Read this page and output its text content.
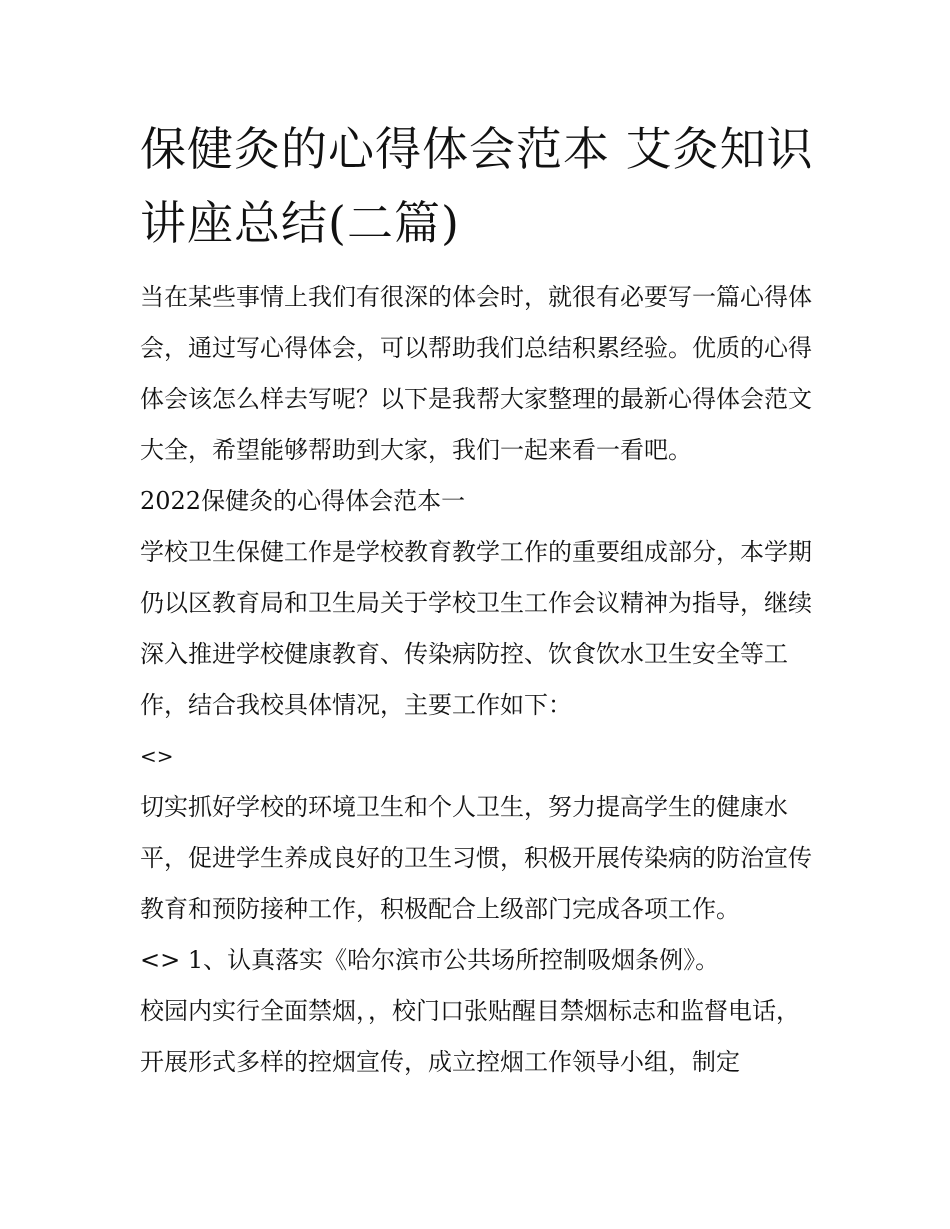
保健灸的心得体会范本 艾灸知识讲座总结(二篇)

当在某些事情上我们有很深的体会时，就很有必要写一篇心得体会，通过写心得体会，可以帮助我们总结积累经验。优质的心得体会该怎么样去写呢？以下是我帮大家整理的最新心得体会范文大全，希望能够帮助到大家，我们一起来看一看吧。

2022保健灸的心得体会范本一

学校卫生保健工作是学校教育教学工作的重要组成部分，本学期仍以区教育局和卫生局关于学校卫生工作会议精神为指导，继续深入推进学校健康教育、传染病防控、饮食饮水卫生安全等工作，结合我校具体情况，主要工作如下：

<>

切实抓好学校的环境卫生和个人卫生，努力提高学生的健康水平，促进学生养成良好的卫生习惯，积极开展传染病的防治宣传教育和预防接种工作，积极配合上级部门完成各项工作。

<> 1、认真落实《哈尔滨市公共场所控制吸烟条例》。

校园内实行全面禁烟，，校门口张贴醒目禁烟标志和监督电话，开展形式多样的控烟宣传，成立控烟工作领导小组，制定
